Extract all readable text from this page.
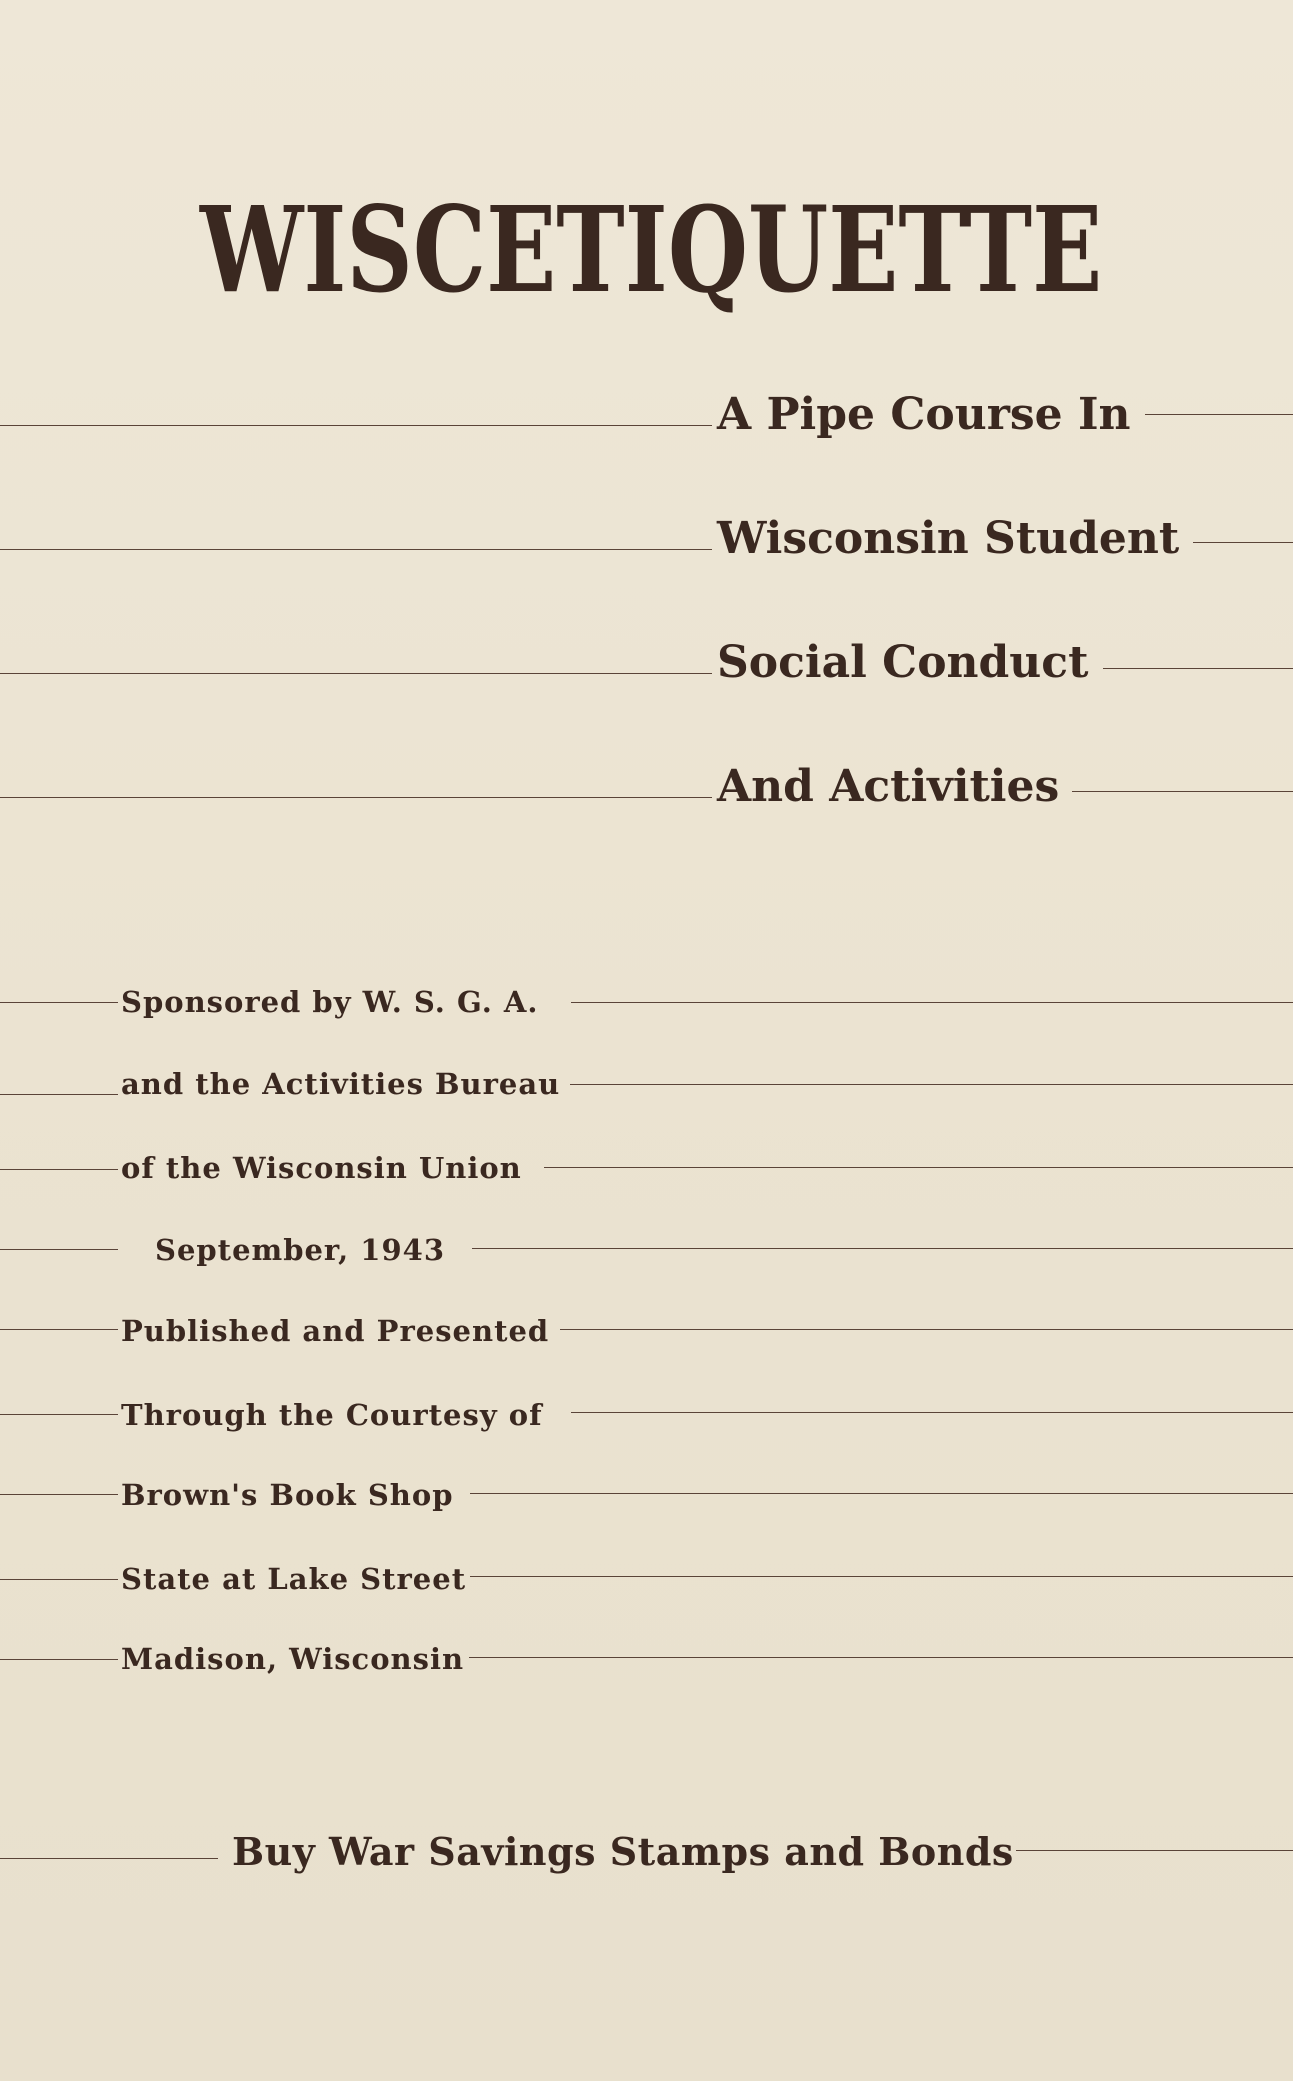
WISCETIQUETTE
A Pipe Course In
Wisconsin Student
Social Conduct
And Activities
Sponsored by W. S. G. A.
and the Activities Bureau
of the Wisconsin Union
September, 1943
Published and Presented
Through the Courtesy of
Brown's Book Shop
State at Lake Street
Madison, Wisconsin
Buy War Savings Stamps and Bonds
